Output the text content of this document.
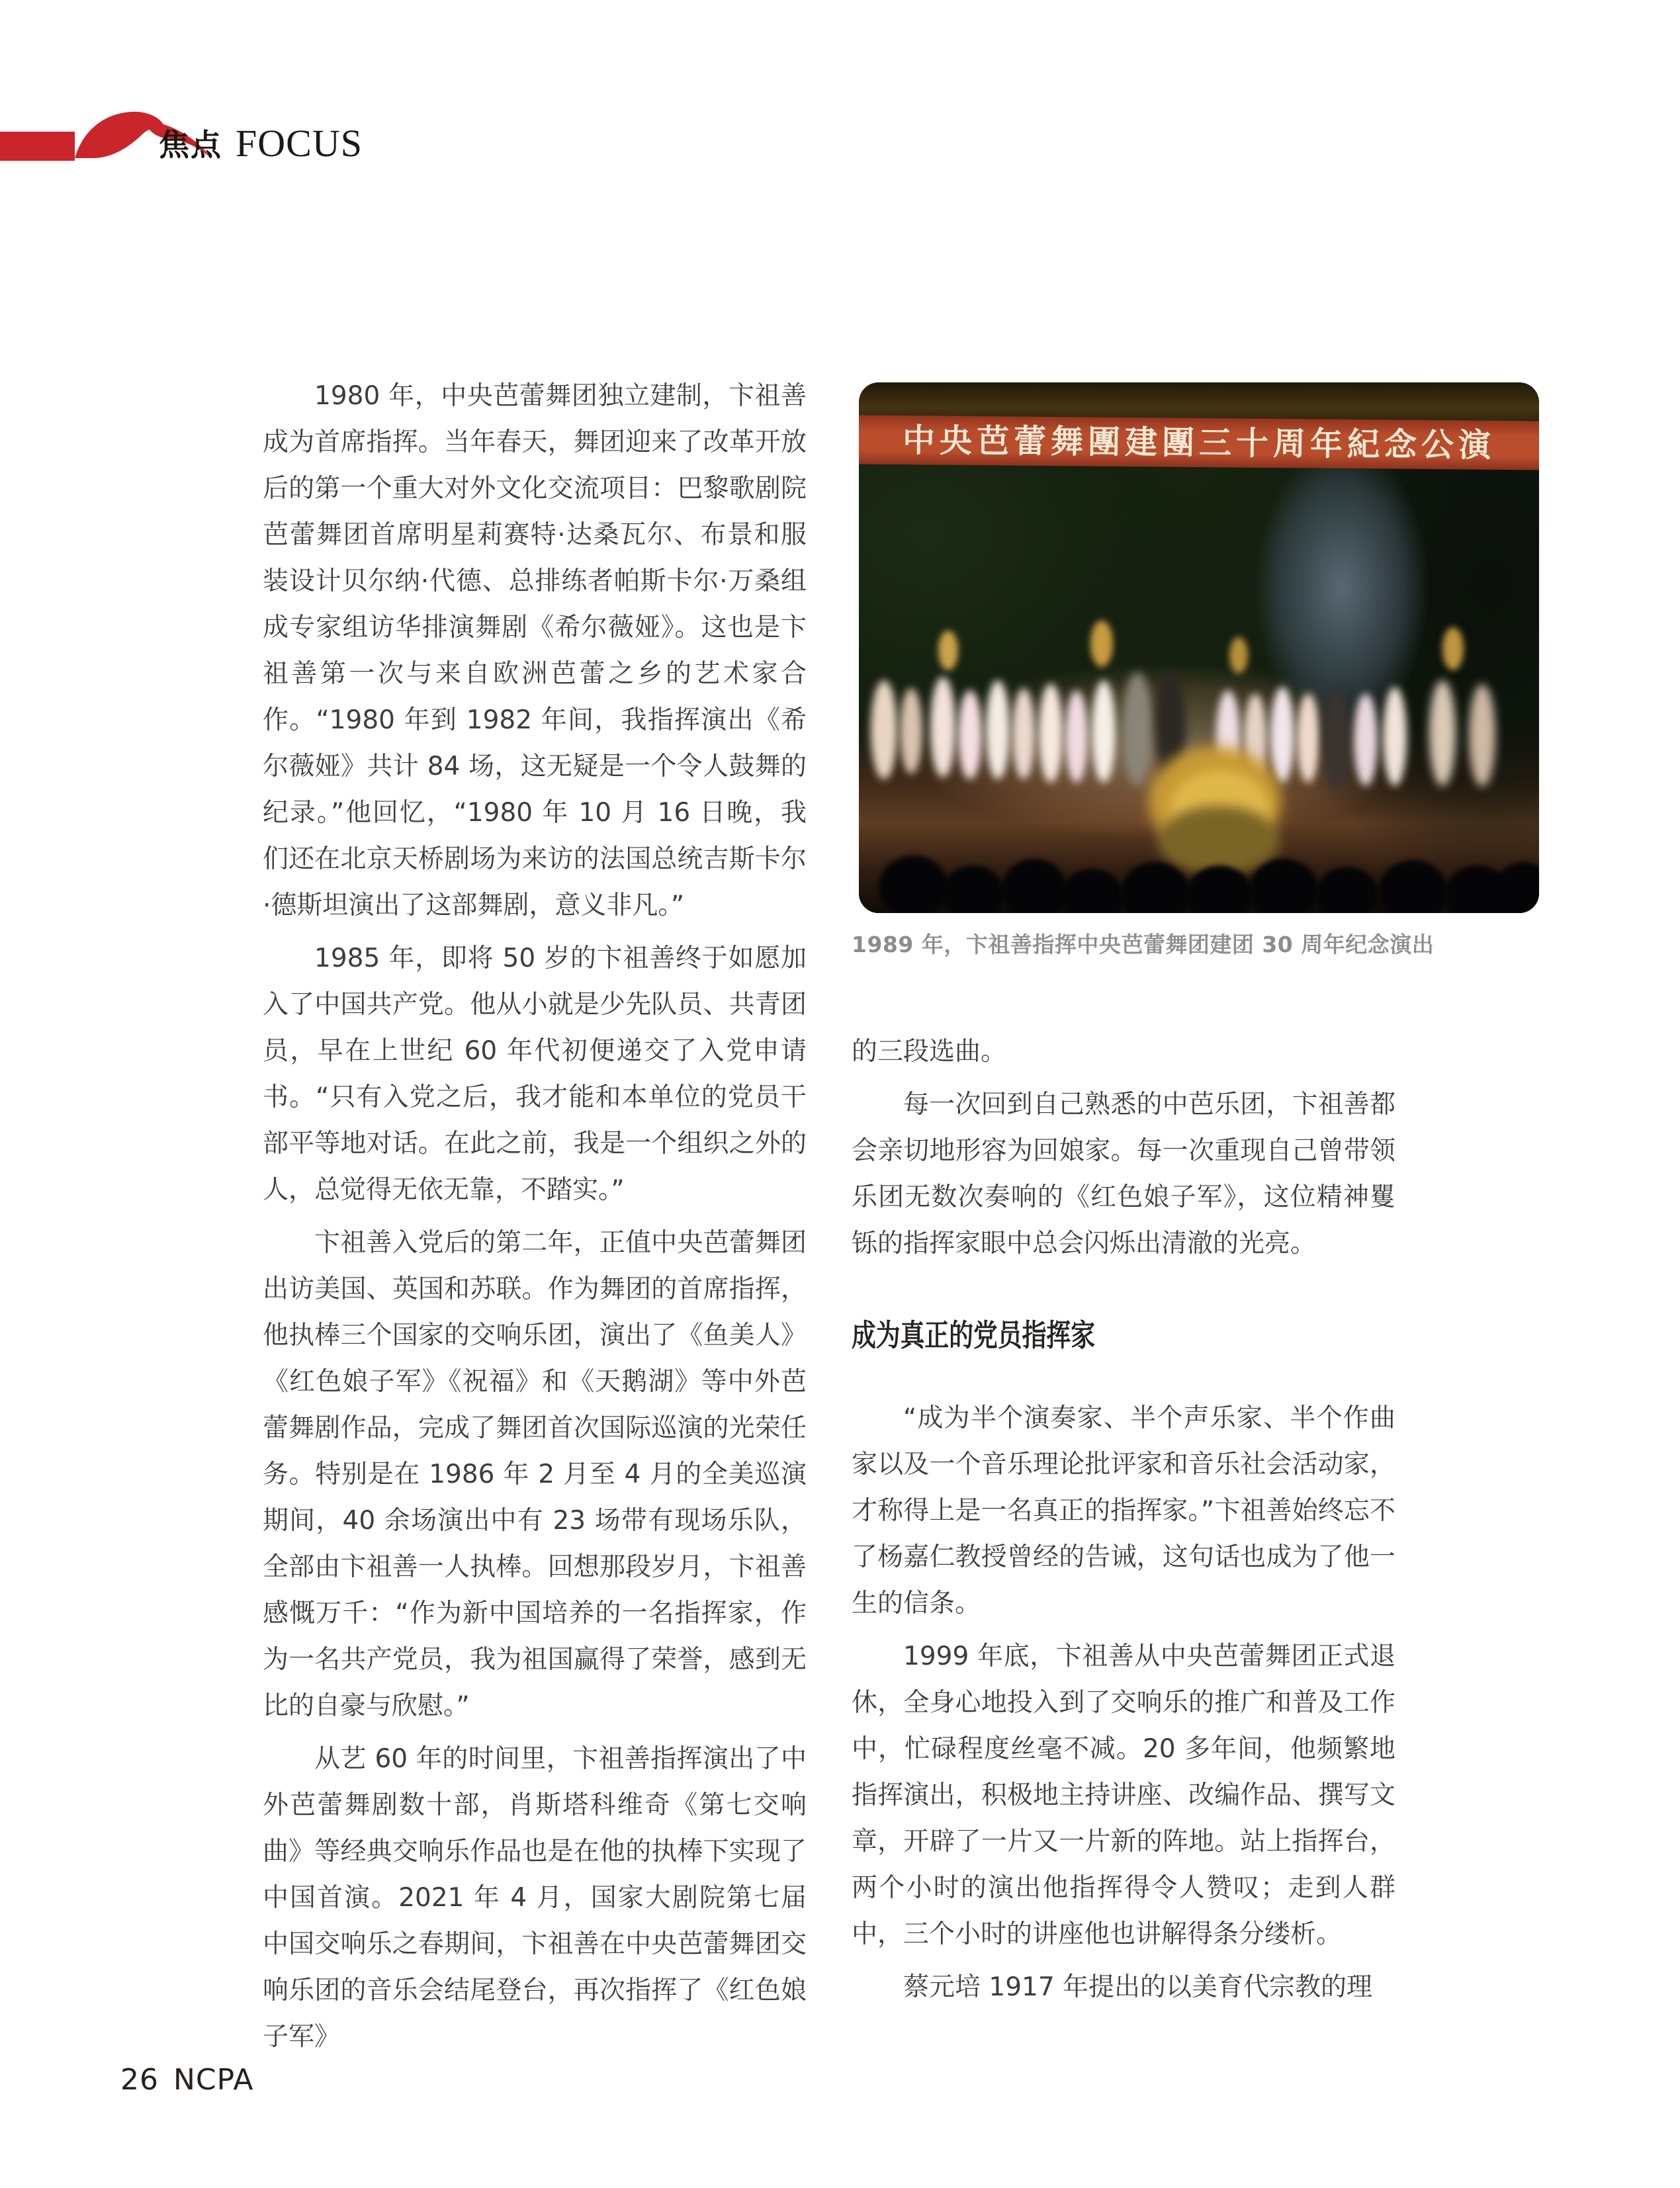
焦点 FOCUS

1980 年，中央芭蕾舞团独立建制，卞祖善成为首席指挥。当年春天，舞团迎来了改革开放后的第一个重大对外文化交流项目：巴黎歌剧院芭蕾舞团首席明星莉赛特·达桑瓦尔、布景和服装设计贝尔纳·代德、总排练者帕斯卡尔·万桑组成专家组访华排演舞剧《希尔薇娅》。这也是卞祖善第一次与来自欧洲芭蕾之乡的艺术家合作。“1980 年到 1982 年间，我指挥演出《希尔薇娅》共计 84 场，这无疑是一个令人鼓舞的纪录。”他回忆，“1980 年 10 月 16 日晚，我们还在北京天桥剧场为来访的法国总统吉斯卡尔·德斯坦演出了这部舞剧，意义非凡。”

1985 年，即将 50 岁的卞祖善终于如愿加入了中国共产党。他从小就是少先队员、共青团员，早在上世纪 60 年代初便递交了入党申请书。“只有入党之后，我才能和本单位的党员干部平等地对话。在此之前，我是一个组织之外的人，总觉得无依无靠，不踏实。”

卞祖善入党后的第二年，正值中央芭蕾舞团出访美国、英国和苏联。作为舞团的首席指挥，他执棒三个国家的交响乐团，演出了《鱼美人》《红色娘子军》《祝福》和《天鹅湖》等中外芭蕾舞剧作品，完成了舞团首次国际巡演的光荣任务。特别是在 1986 年 2 月至 4 月的全美巡演期间，40 余场演出中有 23 场带有现场乐队，全部由卞祖善一人执棒。回想那段岁月，卞祖善感慨万千：“作为新中国培养的一名指挥家，作为一名共产党员，我为祖国赢得了荣誉，感到无比的自豪与欣慰。”

从艺 60 年的时间里，卞祖善指挥演出了中外芭蕾舞剧数十部，肖斯塔科维奇《第七交响曲》等经典交响乐作品也是在他的执棒下实现了中国首演。2021 年 4 月，国家大剧院第七届中国交响乐之春期间，卞祖善在中央芭蕾舞团交响乐团的音乐会结尾登台，再次指挥了《红色娘子军》

中央芭蕾舞團建團三十周年紀念公演
1989 年，卞祖善指挥中央芭蕾舞团建团 30 周年纪念演出

的三段选曲。

每一次回到自己熟悉的中芭乐团，卞祖善都会亲切地形容为回娘家。每一次重现自己曾带领乐团无数次奏响的《红色娘子军》，这位精神矍铄的指挥家眼中总会闪烁出清澈的光亮。

成为真正的党员指挥家

“成为半个演奏家、半个声乐家、半个作曲家以及一个音乐理论批评家和音乐社会活动家，才称得上是一名真正的指挥家。”卞祖善始终忘不了杨嘉仁教授曾经的告诫，这句话也成为了他一生的信条。

1999 年底，卞祖善从中央芭蕾舞团正式退休，全身心地投入到了交响乐的推广和普及工作中，忙碌程度丝毫不减。20 多年间，他频繁地指挥演出，积极地主持讲座、改编作品、撰写文章，开辟了一片又一片新的阵地。站上指挥台，两个小时的演出他指挥得令人赞叹；走到人群中，三个小时的讲座他也讲解得条分缕析。

蔡元培 1917 年提出的以美育代宗教的理

26 NCPA
